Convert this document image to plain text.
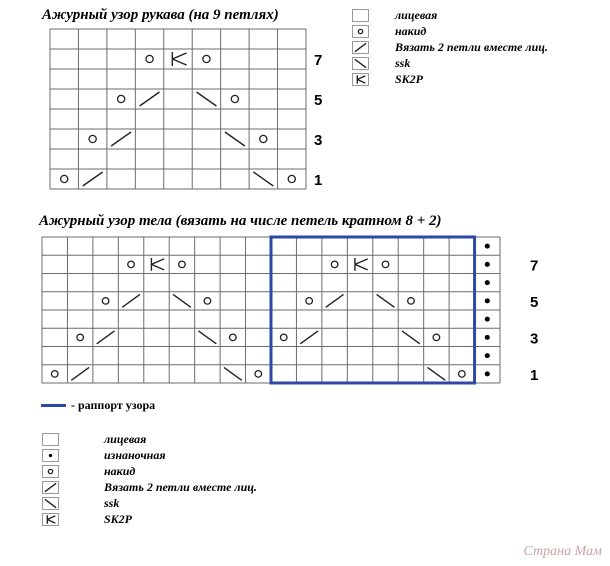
Ажурный узор рукава (на 9 петлях)	лицевая
накид
Вязать 2 петли вместе лиц.
ssk
SK2P
7
5
3
1
Ажурный узор тела (вязать на числе петель кратном 8 + 2)
7
5
3
1
- раппорт узора
лицевая
изнаночная
накид
Вязать 2 петли вместе лиц.
ssk
SK2P
Страна Мам
